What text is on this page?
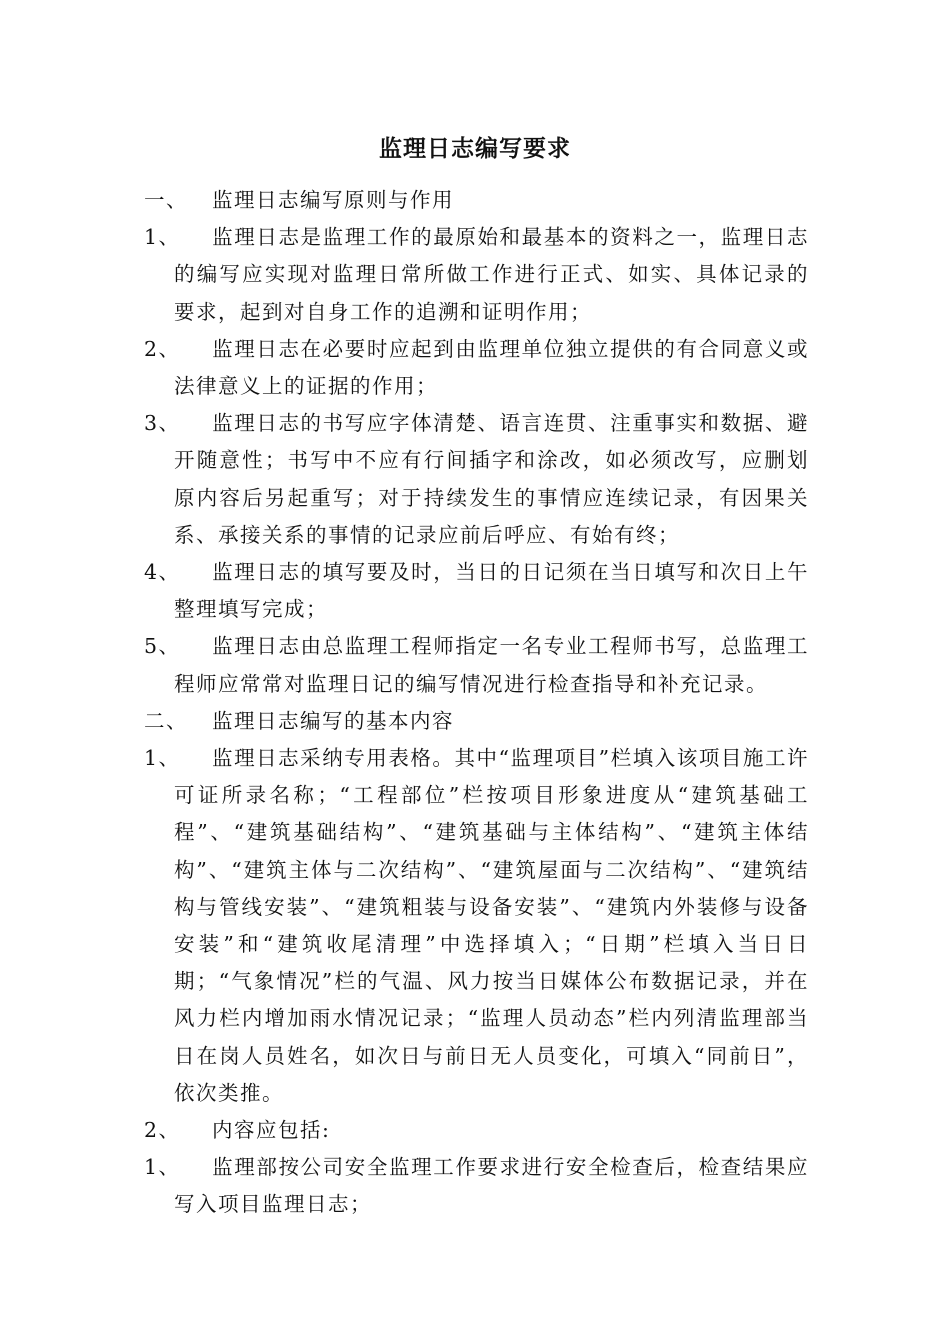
监理日志编写要求
一、	监理日志编写原则与作用
1、	监理日志是监理工作的最原始和最基本的资料之一，监理日志的编写应实现对监理日常所做工作进行正式、如实、具体记录的要求，起到对自身工作的追溯和证明作用；
2、	监理日志在必要时应起到由监理单位独立提供的有合同意义或法律意义上的证据的作用；
3、	监理日志的书写应字体清楚、语言连贯、注重事实和数据、避开随意性；书写中不应有行间插字和涂改，如必须改写，应删划原内容后另起重写；对于持续发生的事情应连续记录，有因果关系、承接关系的事情的记录应前后呼应、有始有终；
4、	监理日志的填写要及时，当日的日记须在当日填写和次日上午整理填写完成；
5、	监理日志由总监理工程师指定一名专业工程师书写，总监理工程师应常常对监理日记的编写情况进行检查指导和补充记录。
二、	监理日志编写的基本内容
1、	监理日志采纳专用表格。其中“监理项目”栏填入该项目施工许可证所录名称；“工程部位”栏按项目形象进度从“建筑基础工程”、“建筑基础结构”、“建筑基础与主体结构”、“建筑主体结构”、“建筑主体与二次结构”、“建筑屋面与二次结构”、“建筑结构与管线安装”、“建筑粗装与设备安装”、“建筑内外装修与设备安装”和“建筑收尾清理”中选择填入；“日期”栏填入当日日期；“气象情况”栏的气温、风力按当日媒体公布数据记录，并在风力栏内增加雨水情况记录；“监理人员动态”栏内列清监理部当日在岗人员姓名，如次日与前日无人员变化，可填入“同前日”，依次类推。
2、	内容应包括:
1、	监理部按公司安全监理工作要求进行安全检查后，检查结果应写入项目监理日志；
